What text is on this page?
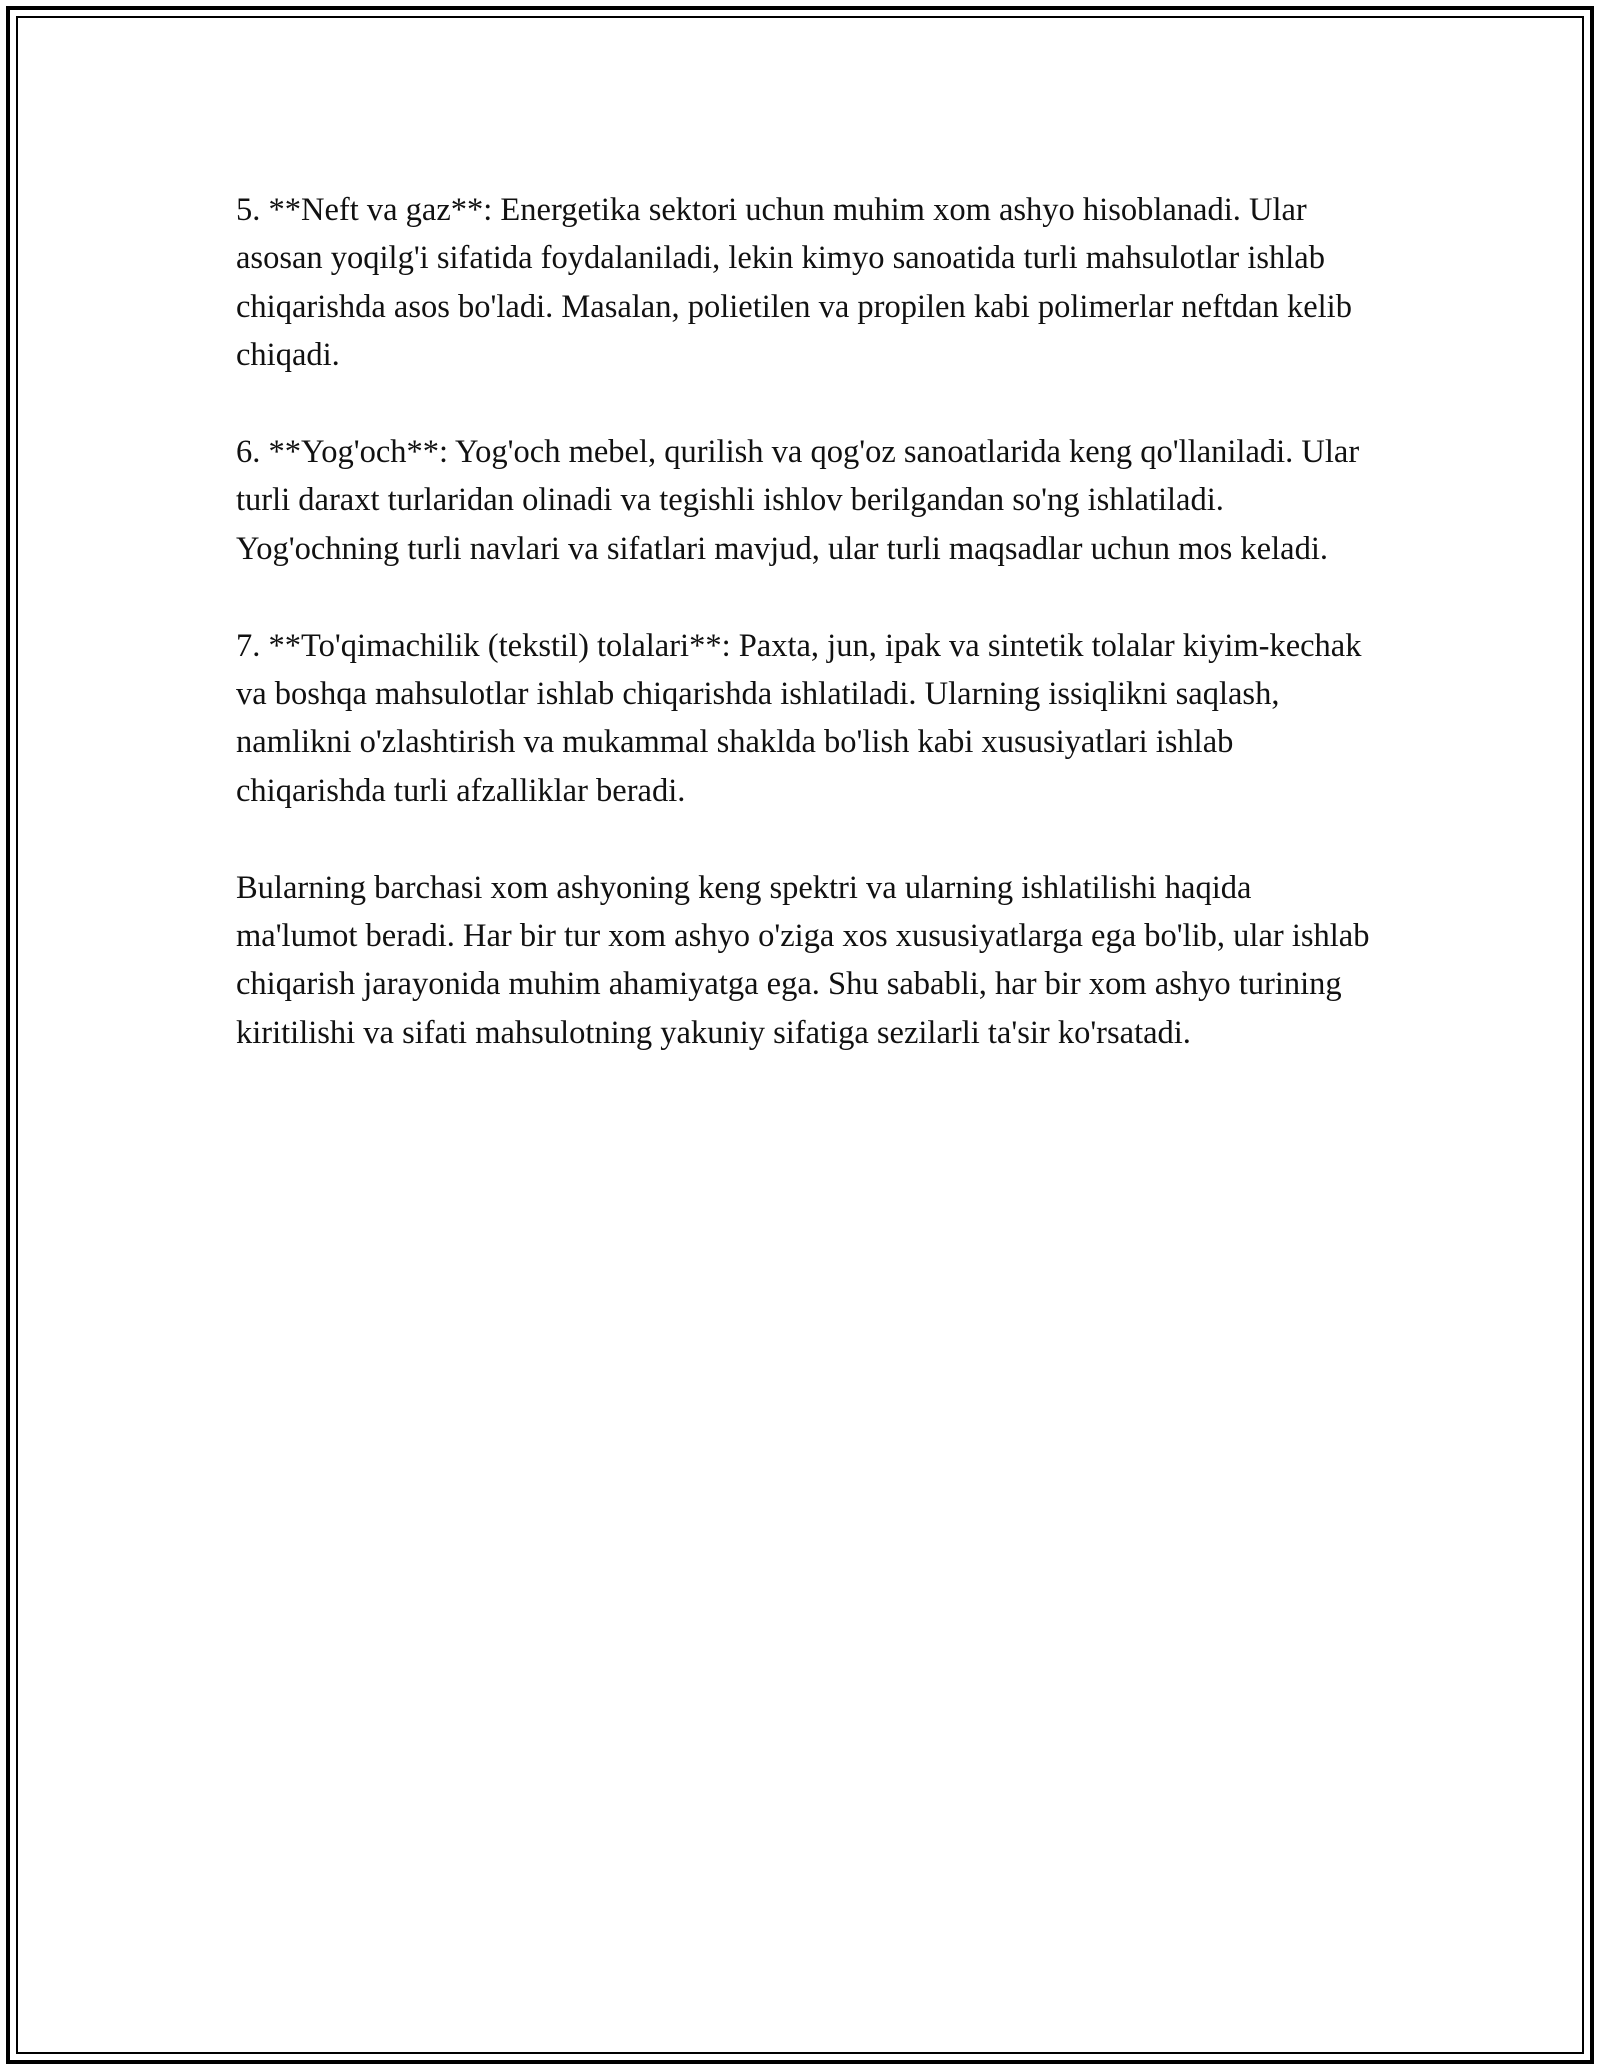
5. **Neft va gaz**: Energetika sektori uchun muhim xom ashyo hisoblanadi. Ular asosan yoqilg'i sifatida foydalaniladi, lekin kimyo sanoatida turli mahsulotlar ishlab chiqarishda asos bo'ladi. Masalan, polietilen va propilen kabi polimerlar neftdan kelib chiqadi.

6. **Yog'och**: Yog'och mebel, qurilish va qog'oz sanoatlarida keng qo'llaniladi. Ular turli daraxt turlaridan olinadi va tegishli ishlov berilgandan so'ng ishlatiladi. Yog'ochning turli navlari va sifatlari mavjud, ular turli maqsadlar uchun mos keladi.

7. **To'qimachilik (tekstil) tolalari**: Paxta, jun, ipak va sintetik tolalar kiyim-kechak va boshqa mahsulotlar ishlab chiqarishda ishlatiladi. Ularning issiqlikni saqlash, namlikni o'zlashtirish va mukammal shaklda bo'lish kabi xususiyatlari ishlab chiqarishda turli afzalliklar beradi.

Bularning barchasi xom ashyoning keng spektri va ularning ishlatilishi haqida ma'lumot beradi. Har bir tur xom ashyo o'ziga xos xususiyatlarga ega bo'lib, ular ishlab chiqarish jarayonida muhim ahamiyatga ega. Shu sababli, har bir xom ashyo turining kiritilishi va sifati mahsulotning yakuniy sifatiga sezilarli ta'sir ko'rsatadi.
